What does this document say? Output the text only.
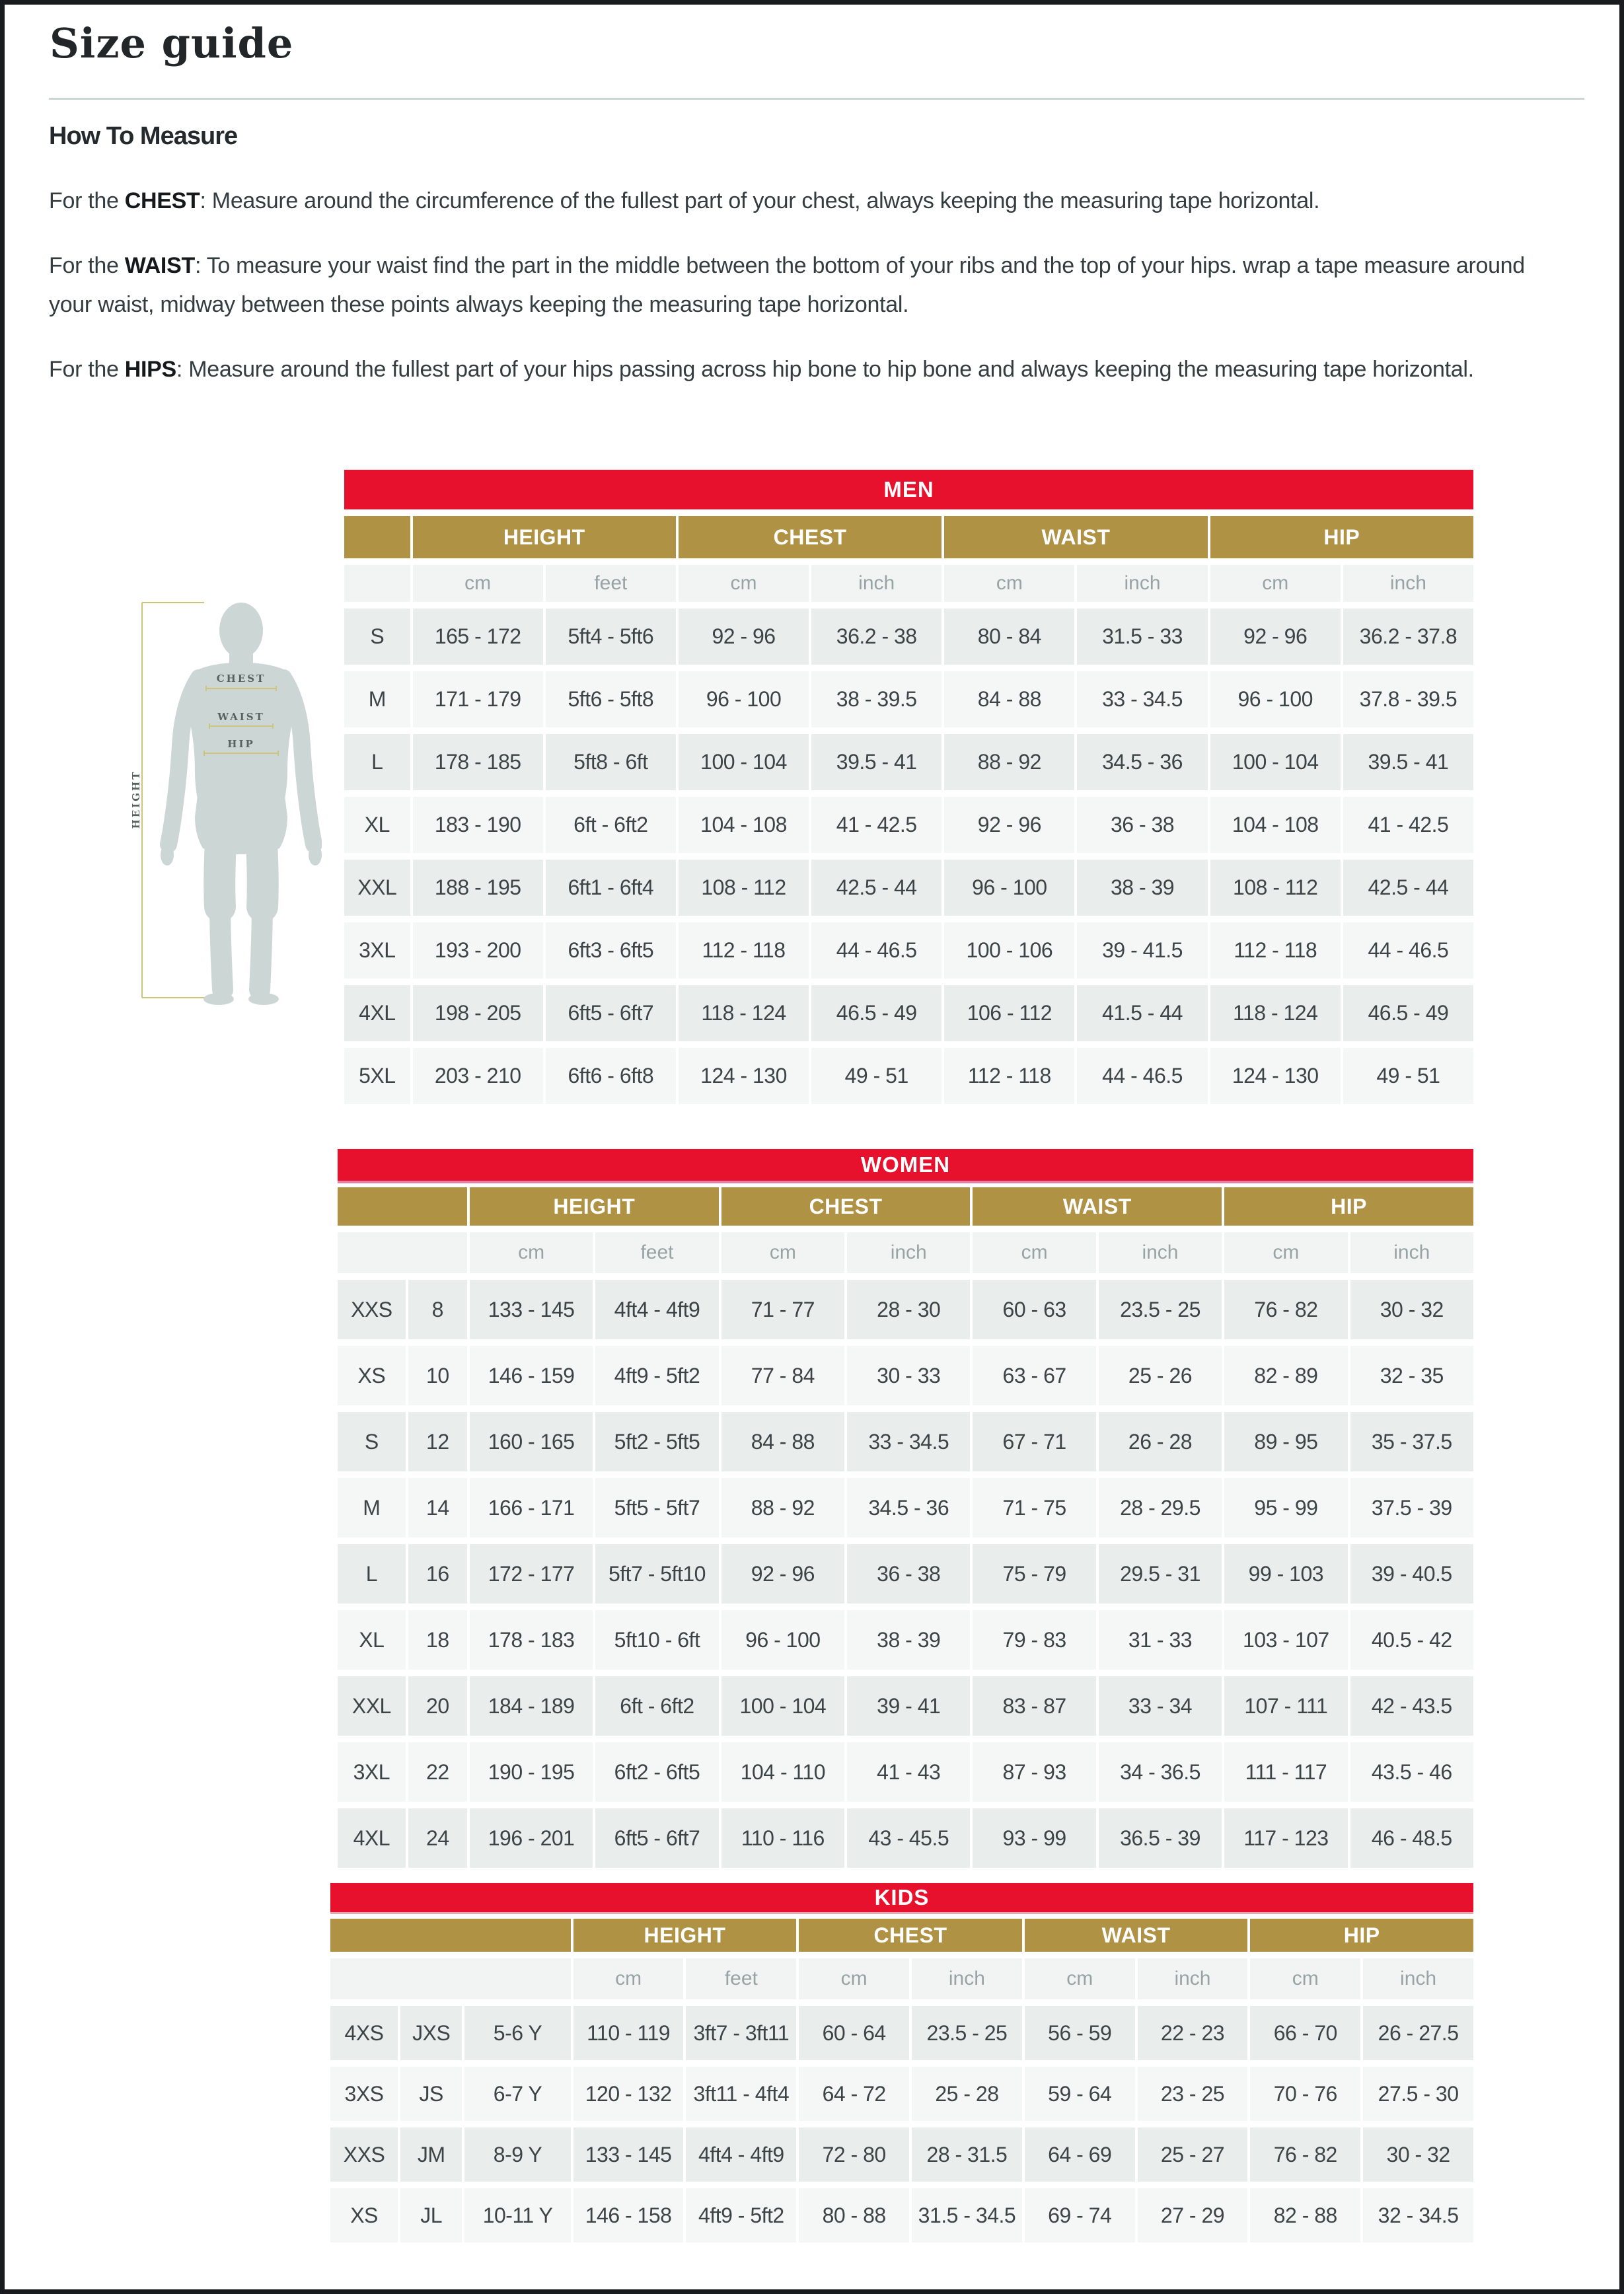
Size guide
How To Measure

For the CHEST: Measure around the circumference of the fullest part of your chest, always keeping the measuring tape horizontal.

For the WAIST: To measure your waist find the part in the middle between the bottom of your ribs and the top of your hips. wrap a tape measure around your waist, midway between these points always keeping the measuring tape horizontal.

For the HIPS: Measure around the fullest part of your hips passing across hip bone to hip bone and always keeping the measuring tape horizontal.

CHEST
WAIST
HIP
HEIGHT
MEN								
	HEIGHT		CHEST		WAIST		HIP	
	cm	feet	cm	inch	cm	inch	cm	inch
S	165 - 172	5ft4 - 5ft6	92 - 96	36.2 - 38	80 - 84	31.5 - 33	92 - 96	36.2 - 37.8
M	171 - 179	5ft6 - 5ft8	96 - 100	38 - 39.5	84 - 88	33 - 34.5	96 - 100	37.8 - 39.5
L	178 - 185	5ft8 - 6ft	100 - 104	39.5 - 41	88 - 92	34.5 - 36	100 - 104	39.5 - 41
XL	183 - 190	6ft - 6ft2	104 - 108	41 - 42.5	92 - 96	36 - 38	104 - 108	41 - 42.5
XXL	188 - 195	6ft1 - 6ft4	108 - 112	42.5 - 44	96 - 100	38 - 39	108 - 112	42.5 - 44
3XL	193 - 200	6ft3 - 6ft5	112 - 118	44 - 46.5	100 - 106	39 - 41.5	112 - 118	44 - 46.5
4XL	198 - 205	6ft5 - 6ft7	118 - 124	46.5 - 49	106 - 112	41.5 - 44	118 - 124	46.5 - 49
5XL	203 - 210	6ft6 - 6ft8	124 - 130	49 - 51	112 - 118	44 - 46.5	124 - 130	49 - 51
WOMEN									
		HEIGHT		CHEST		WAIST		HIP	
		cm	feet	cm	inch	cm	inch	cm	inch
XXS	8	133 - 145	4ft4 - 4ft9	71 - 77	28 - 30	60 - 63	23.5 - 25	76 - 82	30 - 32
XS	10	146 - 159	4ft9 - 5ft2	77 - 84	30 - 33	63 - 67	25 - 26	82 - 89	32 - 35
S	12	160 - 165	5ft2 - 5ft5	84 - 88	33 - 34.5	67 - 71	26 - 28	89 - 95	35 - 37.5
M	14	166 - 171	5ft5 - 5ft7	88 - 92	34.5 - 36	71 - 75	28 - 29.5	95 - 99	37.5 - 39
L	16	172 - 177	5ft7 - 5ft10	92 - 96	36 - 38	75 - 79	29.5 - 31	99 - 103	39 - 40.5
XL	18	178 - 183	5ft10 - 6ft	96 - 100	38 - 39	79 - 83	31 - 33	103 - 107	40.5 - 42
XXL	20	184 - 189	6ft - 6ft2	100 - 104	39 - 41	83 - 87	33 - 34	107 - 111	42 - 43.5
3XL	22	190 - 195	6ft2 - 6ft5	104 - 110	41 - 43	87 - 93	34 - 36.5	111 - 117	43.5 - 46
4XL	24	196 - 201	6ft5 - 6ft7	110 - 116	43 - 45.5	93 - 99	36.5 - 39	117 - 123	46 - 48.5
KIDS										
			HEIGHT		CHEST		WAIST		HIP	
			cm	feet	cm	inch	cm	inch	cm	inch
4XS	JXS	5-6 Y	110 - 119	3ft7 - 3ft11	60 - 64	23.5 - 25	56 - 59	22 - 23	66 - 70	26 - 27.5
3XS	JS	6-7 Y	120 - 132	3ft11 - 4ft4	64 - 72	25 - 28	59 - 64	23 - 25	70 - 76	27.5 - 30
XXS	JM	8-9 Y	133 - 145	4ft4 - 4ft9	72 - 80	28 - 31.5	64 - 69	25 - 27	76 - 82	30 - 32
XS	JL	10-11 Y	146 - 158	4ft9 - 5ft2	80 - 88	31.5 - 34.5	69 - 74	27 - 29	82 - 88	32 - 34.5
